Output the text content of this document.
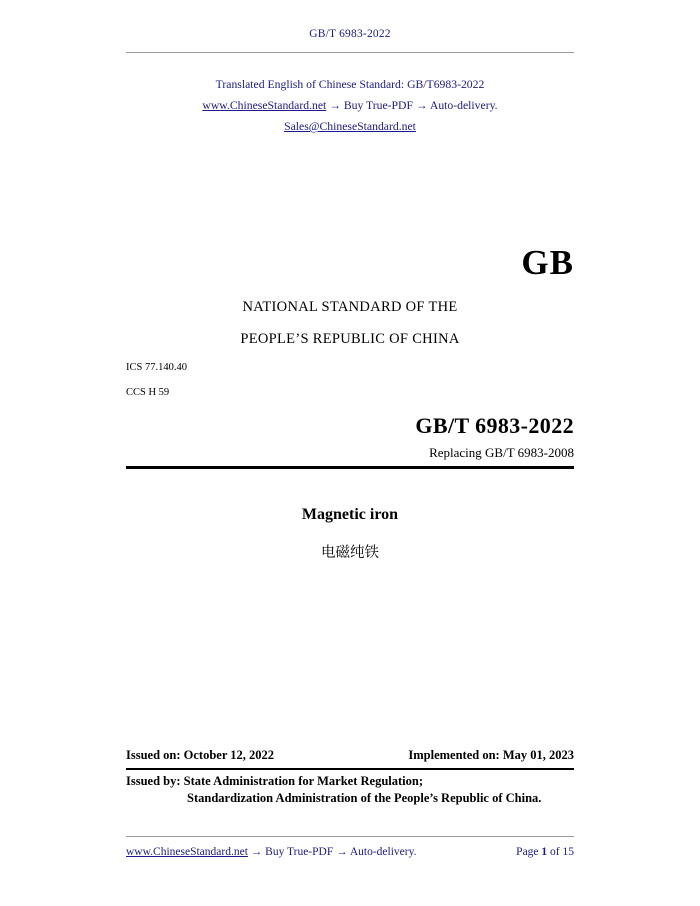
GB/T 6983-2022
Translated English of Chinese Standard: GB/T6983-2022
www.ChineseStandard.net → Buy True-PDF → Auto-delivery.
Sales@ChineseStandard.net
GB
NATIONAL STANDARD OF THE
PEOPLE’S REPUBLIC OF CHINA
ICS 77.140.40
CCS H 59
GB/T 6983-2022
Replacing GB/T 6983-2008
Magnetic iron
电磁纯铁
Issued on: October 12, 2022	Implemented on: May 01, 2023
Issued by: State Administration for Market Regulation;
Standardization Administration of the People’s Republic of China.
www.ChineseStandard.net → Buy True-PDF → Auto-delivery.	Page 1 of 15
